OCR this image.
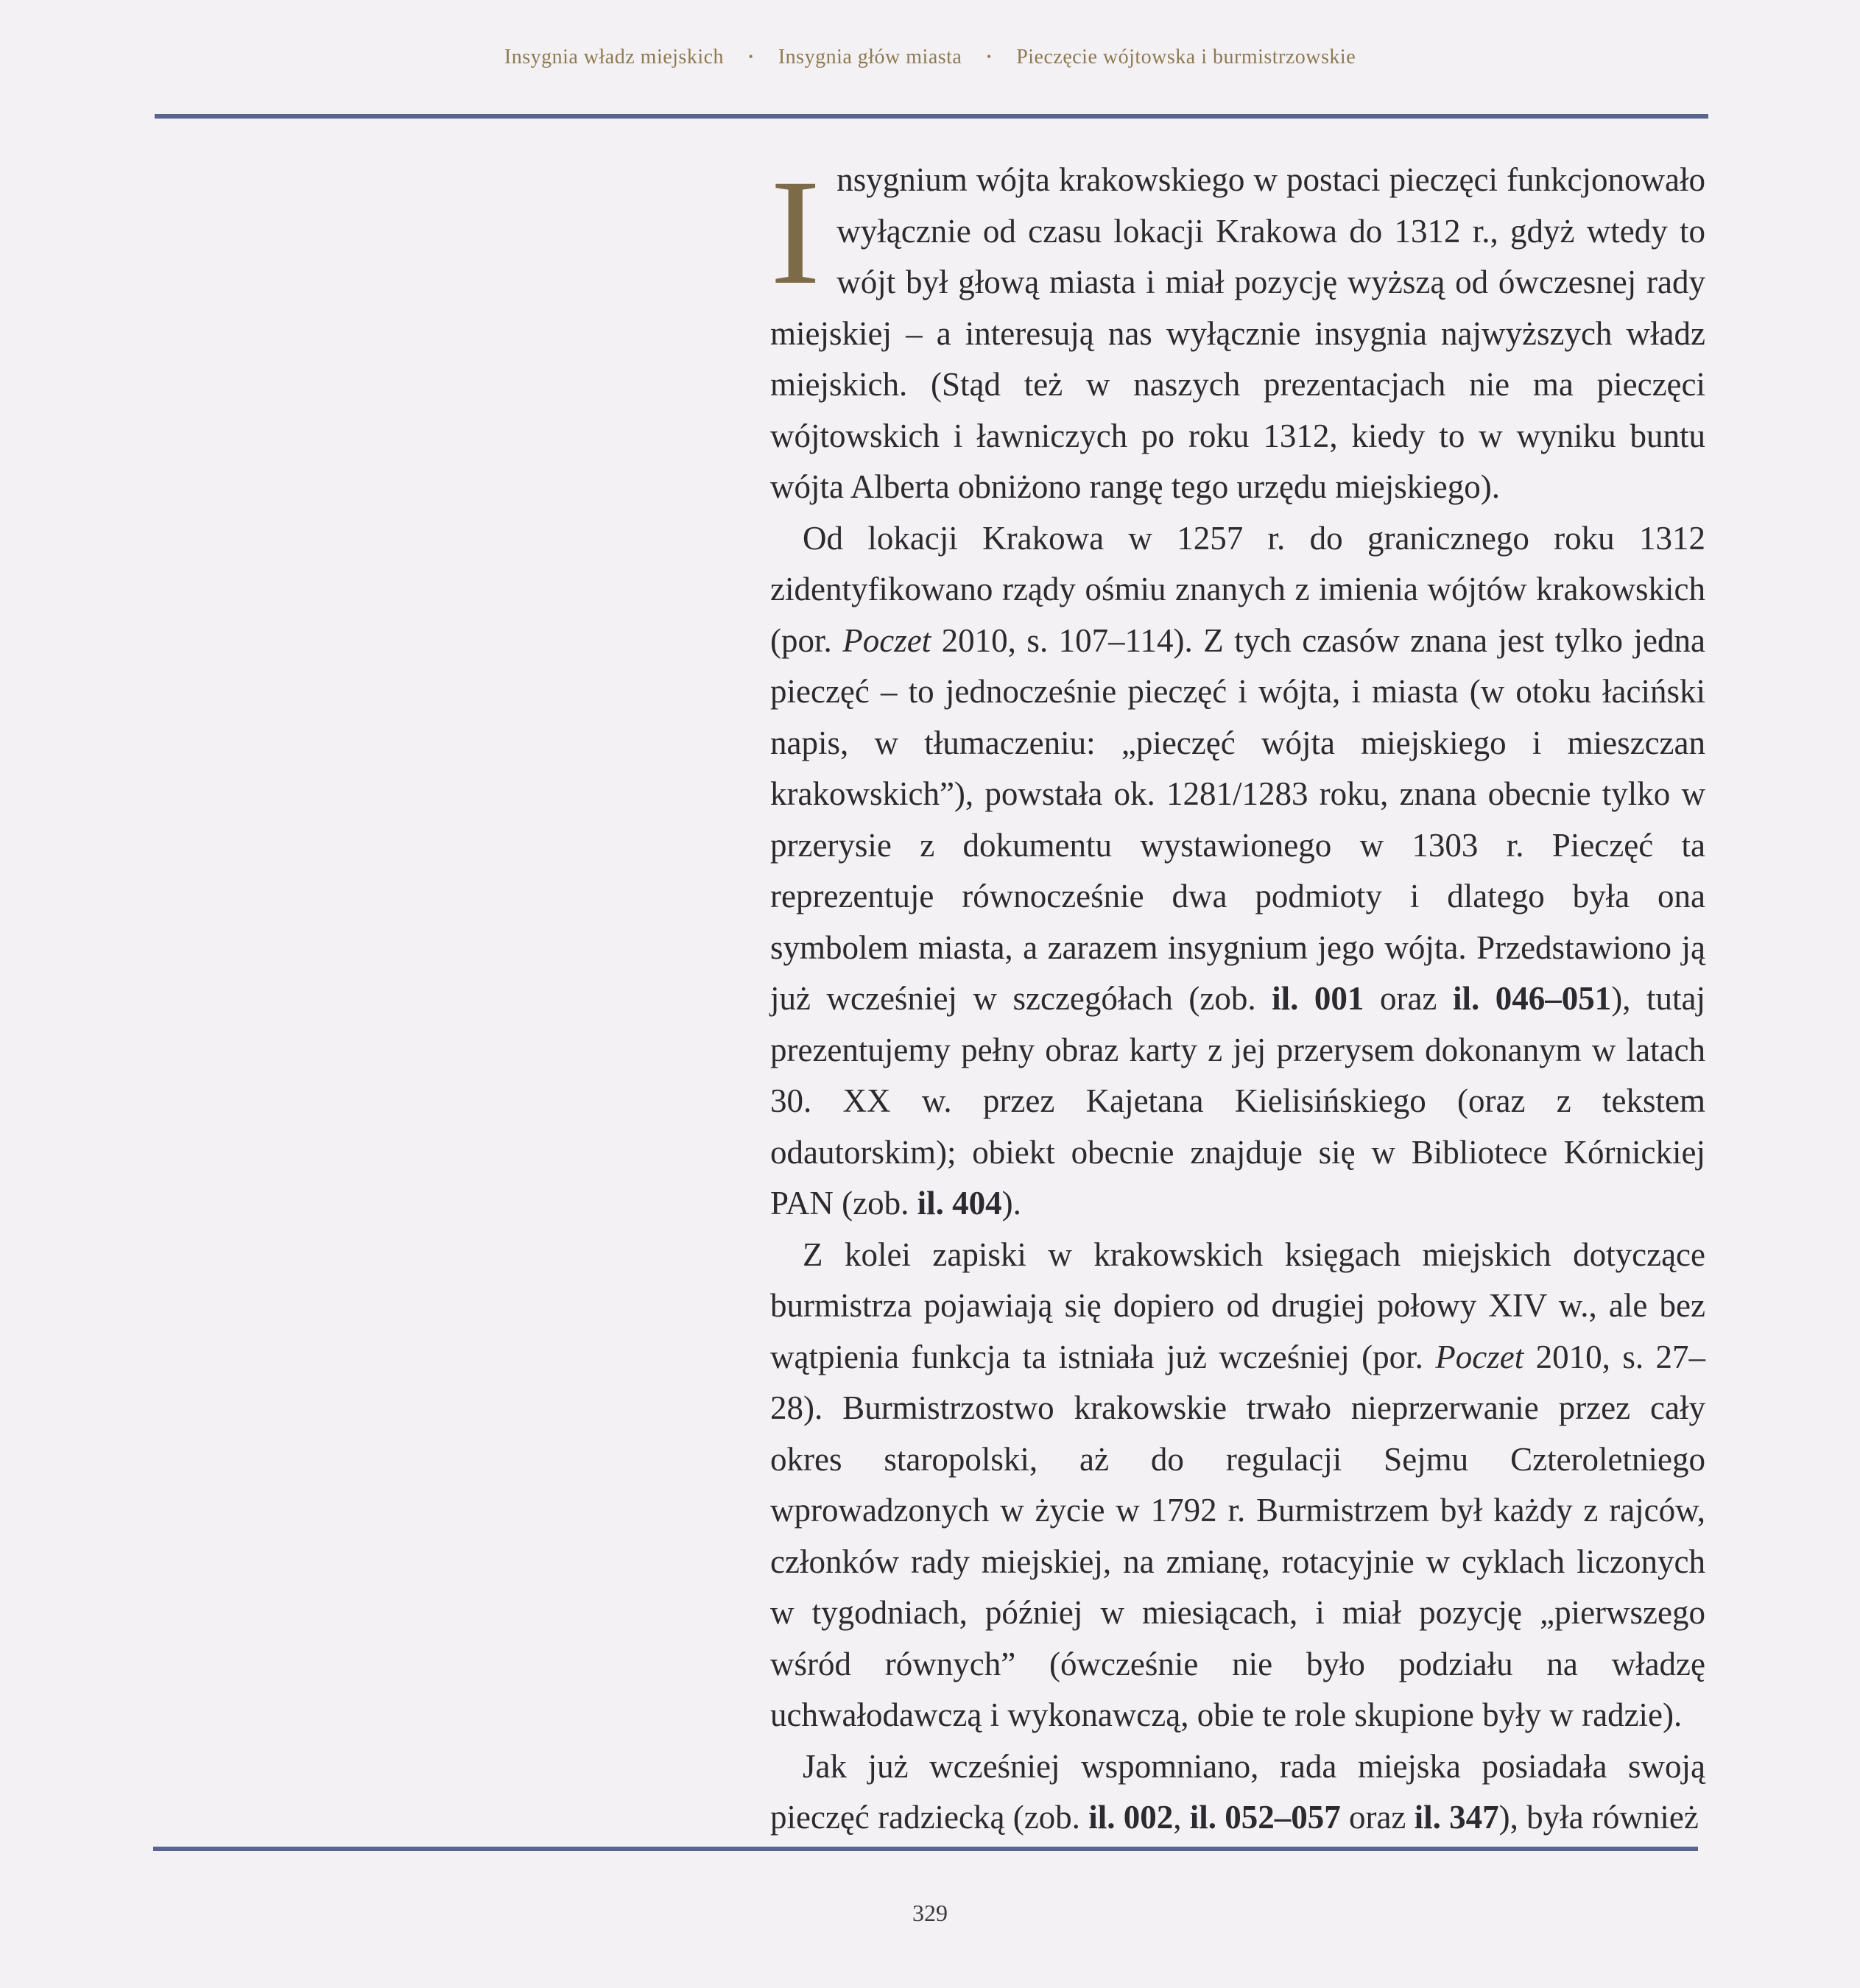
Insygnia władz miejskich • Insygnia głów miasta • Pieczęcie wójtowska i burmistrzowskie

Insygnium wójta krakowskiego w postaci pieczęci funkcjonowało wyłącznie od czasu lokacji Krakowa do 1312 r., gdyż wtedy to wójt był głową miasta i miał pozycję wyższą od ówczesnej rady miejskiej – a interesują nas wyłącznie insygnia najwyższych władz miejskich. (Stąd też w naszych prezentacjach nie ma pieczęci wójtowskich i ławniczych po roku 1312, kiedy to w wyniku buntu wójta Alberta obniżono rangę tego urzędu miejskiego).

Od lokacji Krakowa w 1257 r. do granicznego roku 1312 zidentyfikowano rządy ośmiu znanych z imienia wójtów krakowskich (por. Poczet 2010, s. 107–114). Z tych czasów znana jest tylko jedna pieczęć – to jednocześnie pieczęć i wójta, i miasta (w otoku łaciński napis, w tłumaczeniu: „pieczęć wójta miejskiego i mieszczan krakowskich”), powstała ok. 1281/1283 roku, znana obecnie tylko w przerysie z dokumentu wystawionego w 1303 r. Pieczęć ta reprezentuje równocześnie dwa podmioty i dlatego była ona symbolem miasta, a zarazem insygnium jego wójta. Przedstawiono ją już wcześniej w szczegółach (zob. il. 001 oraz il. 046–051), tutaj prezentujemy pełny obraz karty z jej przerysem dokonanym w latach 30. XX w. przez Kajetana Kielisińskiego (oraz z tekstem odautorskim); obiekt obecnie znajduje się w Bibliotece Kórnickiej PAN (zob. il. 404).

Z kolei zapiski w krakowskich księgach miejskich dotyczące burmistrza pojawiają się dopiero od drugiej połowy XIV w., ale bez wątpienia funkcja ta istniała już wcześniej (por. Poczet 2010, s. 27–28). Burmistrzostwo krakowskie trwało nieprzerwanie przez cały okres staropolski, aż do regulacji Sejmu Czteroletniego wprowadzonych w życie w 1792 r. Burmistrzem był każdy z rajców, członków rady miejskiej, na zmianę, rotacyjnie w cyklach liczonych w tygodniach, później w miesiącach, i miał pozycję „pierwszego wśród równych” (ówcześnie nie było podziału na władzę uchwałodawczą i wykonawczą, obie te role skupione były w radzie).

Jak już wcześniej wspomniano, rada miejska posiadała swoją pieczęć radziecką (zob. il. 002, il. 052–057 oraz il. 347), była również

329
